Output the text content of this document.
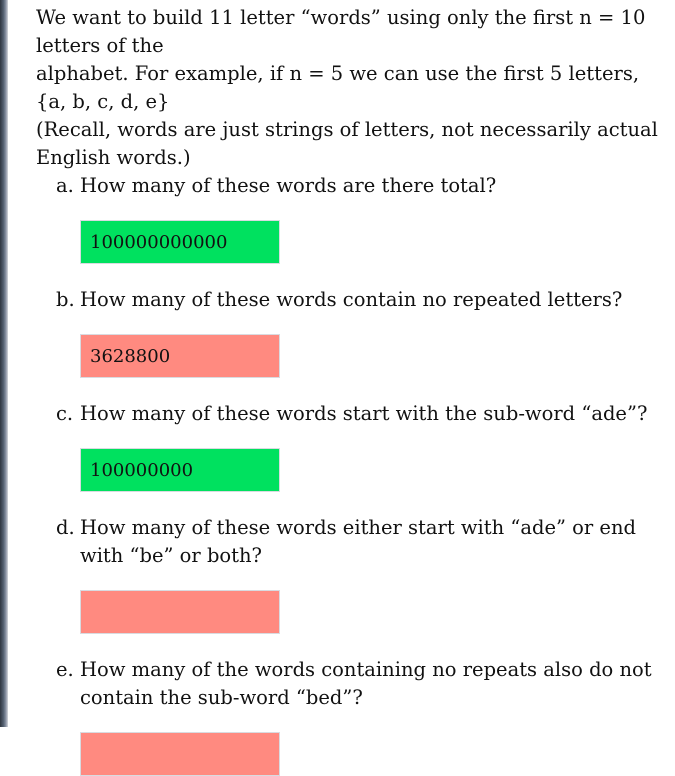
We want to build 11 letter “words” using only the first n = 10 letters of the
alphabet. For example, if n = 5 we can use the first 5 letters, {a, b, c, d, e}
(Recall, words are just strings of letters, not necessarily actual English words.)

a. How many of these words are there total?
100000000000
b. How many of these words contain no repeated letters?
3628800
c. How many of these words start with the sub-word “ade”?
100000000
d. How many of these words either start with “ade” or end with “be” or both?
e. How many of the words containing no repeats also do not contain the sub-word “bed”?
